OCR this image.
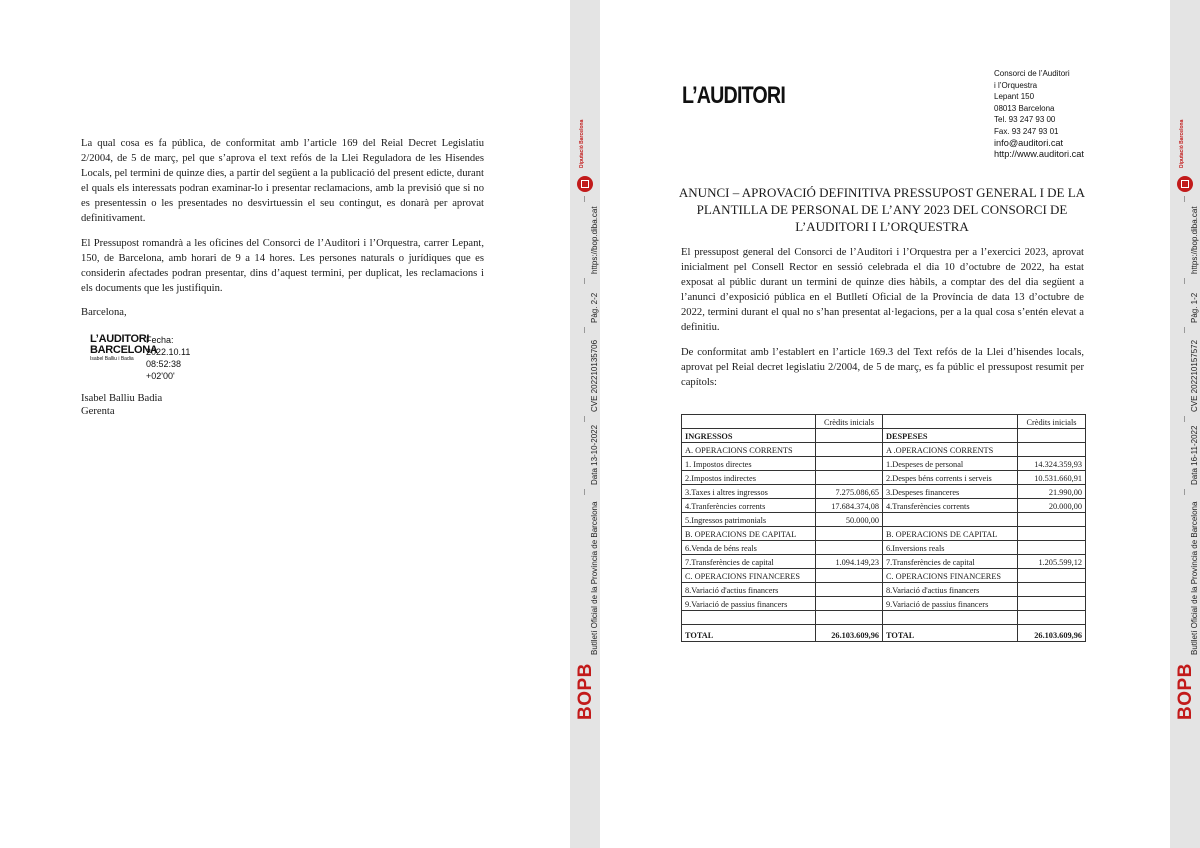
La qual cosa es fa pública, de conformitat amb l’article 169 del Reial Decret Legislatiu 2/2004, de 5 de març, pel que s’aprova el text refós de la Llei Reguladora de les Hisendes Locals, pel termini de quinze dies, a partir del següent a la publicació del present edicte, durant el quals els interessats podran examinar-lo i presentar reclamacions, amb la previsió que si no es presentessin o les presentades no desvirtuessin el seu contingut, es donarà per aprovat definitivament.

El Pressupost romandrà a les oficines del Consorci de l’Auditori i l’Orquestra, carrer Lepant, 150, de Barcelona, amb horari de 9 a 14 hores. Les persones naturals o jurídiques que es considerin afectades podran presentar, dins d’aquest termini, per duplicat, les reclamacions i els documents que les justifiquin.

Barcelona,

L’AUDITORI
BARCELONA
Isabel Balliu i Badia
Fecha:
2022.10.11
08:52:38
+02'00'
Isabel Balliu Badia
Gerenta
Diputació Barcelona
https://bop.diba.cat
Pàg. 2-2
CVE 202210135706
Data 13-10-2022
Butlletí Oficial de la Província de Barcelona
BOPB
L’AUDITORI
Consorci de l’Auditori
i l’Orquestra
Lepant 150
08013 Barcelona
Tel. 93 247 93 00
Fax. 93 247 93 01
info@auditori.cat
http://www.auditori.cat

ANUNCI – APROVACIÓ DEFINITIVA PRESSUPOST GENERAL I DE LA PLANTILLA DE PERSONAL DE L’ANY 2023 DEL CONSORCI DE L’AUDITORI I L’ORQUESTRA

El pressupost general del Consorci de l’Auditori i l’Orquestra per a l’exercici 2023, aprovat inicialment pel Consell Rector en sessió celebrada el dia 10 d’octubre de 2022, ha estat exposat al públic durant un termini de quinze dies hàbils, a comptar des del dia següent a l’anunci d’exposició pública en el Butlletí Oficial de la Província de data 13 d’octubre de 2022, termini durant el qual no s’han presentat al·legacions, per a la qual cosa s’entén elevat a definitiu.

De conformitat amb l’establert en l’article 169.3 del Text refós de la Llei d’hisendes locals, aprovat pel Reial decret legislatiu 2/2004, de 5 de març, es fa públic el pressupost resumit per capítols:

	Crèdits inicials		Crèdits inicials
INGRESSOS		DESPESES	
A. OPERACIONS CORRENTS		A .OPERACIONS CORRENTS	
1. Impostos directes		1.Despeses de personal	14.324.359,93
2.Impostos indirectes		2.Despes béns corrents i serveis	10.531.660,91
3.Taxes i altres ingressos	7.275.086,65	3.Despeses financeres	21.990,00
4.Tranferències corrents	17.684.374,08	4.Transferències corrents	20.000,00
5.Ingressos patrimonials	50.000,00		
B. OPERACIONS DE CAPITAL		B. OPERACIONS DE CAPITAL	
6.Venda de béns reals		6.Inversions reals	
7.Transferències de capital	1.094.149,23	7.Transferències de capital	1.205.599,12
C. OPERACIONS FINANCERES		C. OPERACIONS FINANCERES	
8.Variació d'actius financers		8.Variació d'actius financers	
9.Variació de passius financers		9.Variació de passius financers	

TOTAL	26.103.609,96	TOTAL	26.103.609,96
Diputació Barcelona
https://bop.diba.cat
Pàg. 1-2
CVE 202210157572
Data 16-11-2022
Butlletí Oficial de la Província de Barcelona
BOPB
